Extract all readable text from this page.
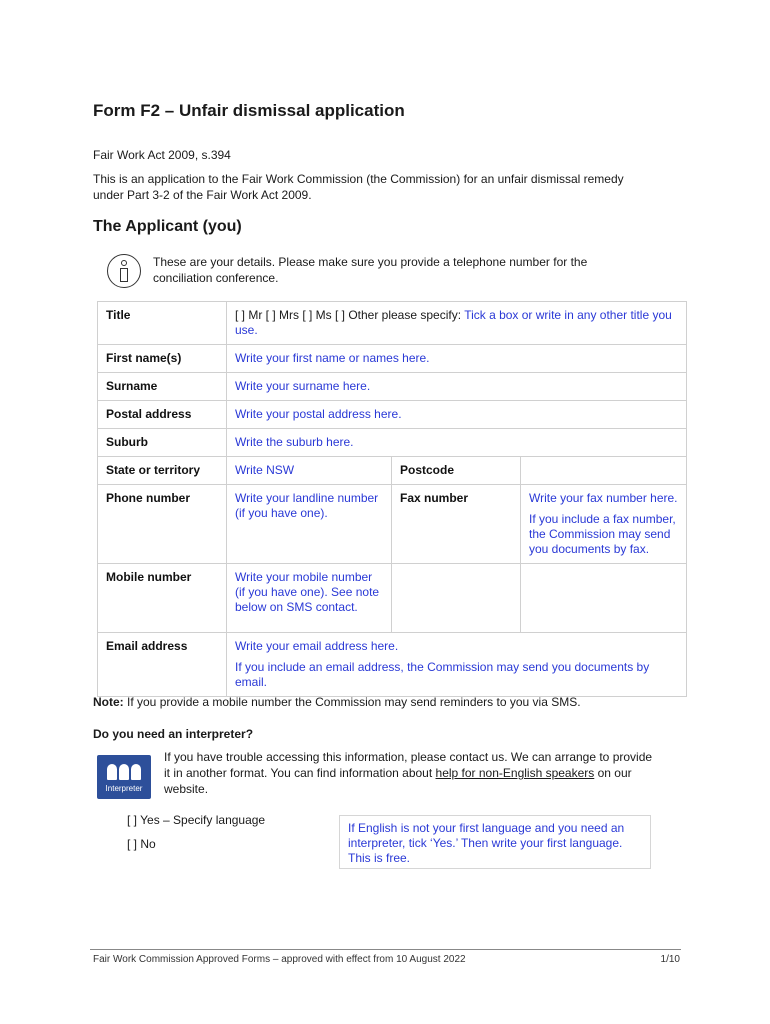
Form F2 – Unfair dismissal application
Fair Work Act 2009, s.394
This is an application to the Fair Work Commission (the Commission) for an unfair dismissal remedy
under Part 3-2 of the Fair Work Act 2009.
The Applicant (you)
These are your details. Please make sure you provide a telephone number for the
conciliation conference.
Title	[ ] Mr [ ] Mrs [ ] Ms [ ] Other please specify: Tick a box or write in any other title you use.		
First name(s)	Write your first name or names here.		
Surname	Write your surname here.		
Postal address	Write your postal address here.		
Suburb	Write the suburb here.		
State or territory	Write NSW	Postcode	
Phone number	Write your landline number (if you have one).	Fax number	Write your fax number here.
If you include a fax number, the Commission may send you documents by fax.

Mobile number	Write your mobile number (if you have one). See note below on SMS contact.		
Email address	Write your email address here.
If you include an email address, the Commission may send you documents by email.		
Note: If you provide a mobile number the Commission may send reminders to you via SMS.
Do you need an interpreter?
Interpreter
If you have trouble accessing this information, please contact us. We can arrange to provide it in another format. You can find information about help for non-English speakers on our website.
[ ] Yes – Specify language
[ ] No
If English is not your first language and you need an interpreter, tick ‘Yes.’ Then write your first language. This is free.
Fair Work Commission Approved Forms – approved with effect from 10 August 2022	1/10
